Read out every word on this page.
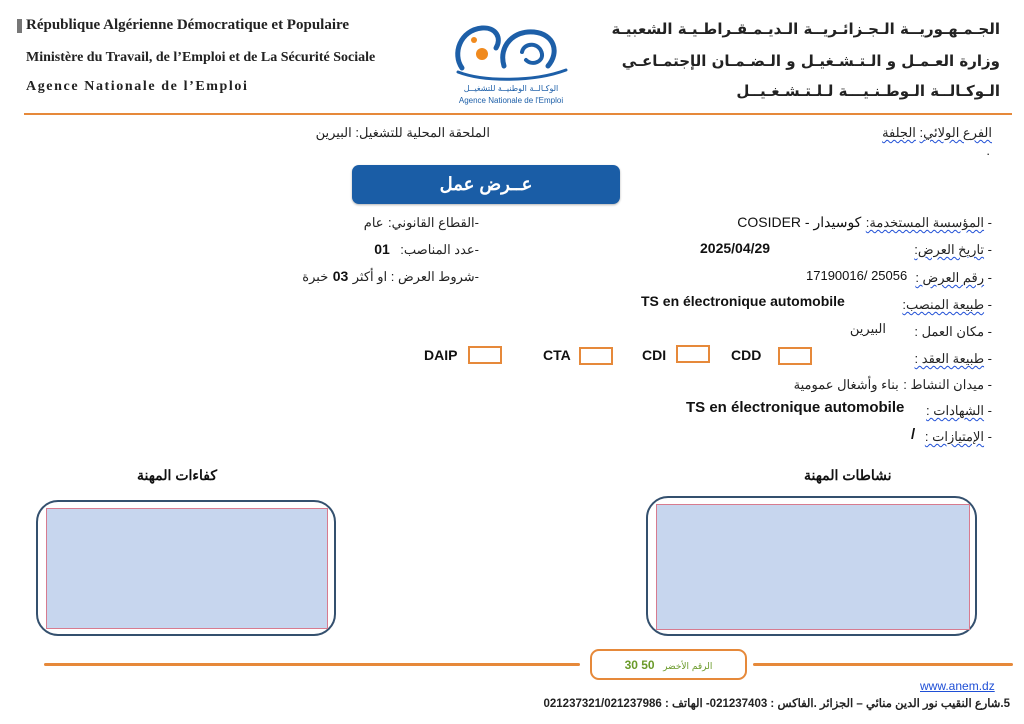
République Algérienne Démocratique et Populaire
Ministère du Travail, de l’Emploi et de La Sécurité Sociale
Agence Nationale de l’Emploi	الوكـالــة الوطنيــة للتشغيــل
Agence Nationale de l'Emploi
الجـمـهـوريــة الـجـزائـريــة الـديـمـقـراطـيـة الشعبيـة
وزارة العـمـل و الـتـشـغيـل و الـضـمـان الإجتمـاعـي
الـوكـالــة الـوطـنـيـــة لـلـتـشـغـيــل
الفرع الولائي: الجلفة
.
الملحقة المحلية للتشغيل: البيرين
عــرض عمل
- المؤسسة المستخدمة: كوسيدار - COSIDER
- تاريخ العرض:
2025/04/29
- رقم العرض :
17190016/ 25056
- طبيعة المنصب:
TS en électronique automobile
- مكان العمل :
البيرين
- طبيعة العقد :
CDD
CDI
CTA
DAIP
- ميدان النشاط : بناء وأشغال عمومية
- الشهادات :
TS en électronique automobile
- الإمتيازات :
/
-القطاع القانوني: عام
-عدد المناصب: 01
-شروط العرض : او أكثر 03 خبرة
نشاطات المهنة
كفاءات المهنة
30 50 الرقم الأخضر
www.anem.dz
5.شارع النقيب نور الدين منائي – الجزائر .الفاكس : 021237403- الهاتف : 021237321/021237986
